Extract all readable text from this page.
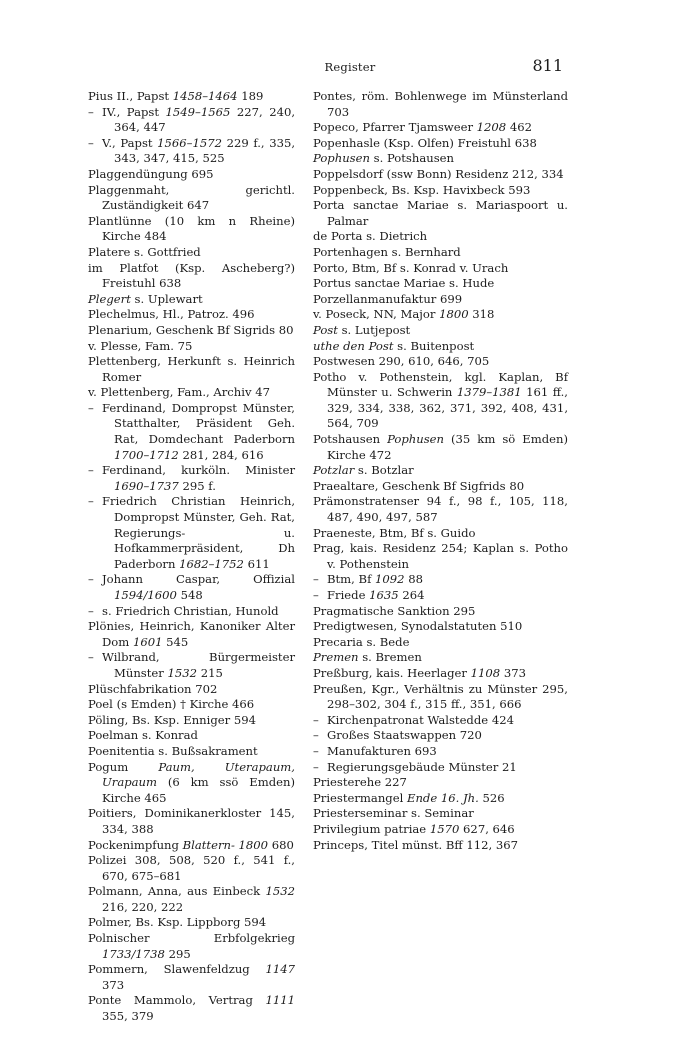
Register	811
Pius II., Papst 1458–1464 189
– IV., Papst 1549–1565 227, 240, 364, 447
– V., Papst 1566–1572 229 f., 335, 343, 347, 415, 525
Plaggendüngung 695
Plaggenmaht, gerichtl. Zuständigkeit 647
Plantlünne (10 km n Rheine) Kirche 484
Platere s. Gottfried
im Platfot (Ksp. Ascheberg?) Freistuhl 638
Plegert s. Uplewart
Plechelmus, Hl., Patroz. 496
Plenarium, Geschenk Bf Sigrids 80
v. Plesse, Fam. 75
Plettenberg, Herkunft s. Heinrich Romer
v. Plettenberg, Fam., Archiv 47
– Ferdinand, Dompropst Münster, Statthalter, Präsident Geh. Rat, Domdechant Paderborn 1700–1712 281, 284, 616
– Ferdinand, kurköln. Minister 1690–1737 295 f.
– Friedrich Christian Heinrich, Dompropst Münster, Geh. Rat, Regierungs- u. Hofkammerpräsident, Dh Paderborn 1682–1752 611
– Johann Caspar, Offizial 1594/1600 548
– s. Friedrich Christian, Hunold
Plönies, Heinrich, Kanoniker Alter Dom 1601 545
– Wilbrand, Bürgermeister Münster 1532 215
Plüschfabrikation 702
Poel (s Emden) † Kirche 466
Pöling, Bs. Ksp. Enniger 594
Poelman s. Konrad
Poenitentia s. Bußsakrament
Pogum Paum, Uterapaum, Urapaum (6 km ssö Emden) Kirche 465
Poitiers, Dominikanerkloster 145, 334, 388
Pockenimpfung Blattern- 1800 680
Polizei 308, 508, 520 f., 541 f., 670, 675–681
Polmann, Anna, aus Einbeck 1532 216, 220, 222
Polmer, Bs. Ksp. Lippborg 594
Polnischer Erbfolgekrieg 1733/1738 295
Pommern, Slawenfeldzug 1147 373
Ponte Mammolo, Vertrag 1111 355, 379
Pontes, röm. Bohlenwege im Münsterland 703
Popeco, Pfarrer Tjamsweer 1208 462
Popenhasle (Ksp. Olfen) Freistuhl 638
Pophusen s. Potshausen
Poppelsdorf (ssw Bonn) Residenz 212, 334
Poppenbeck, Bs. Ksp. Havixbeck 593
Porta sanctae Mariae s. Mariaspoort u. Palmar
de Porta s. Dietrich
Portenhagen s. Bernhard
Porto, Btm, Bf s. Konrad v. Urach
Portus sanctae Mariae s. Hude
Porzellanmanufaktur 699
v. Poseck, NN, Major 1800 318
Post s. Lutjepost
uthe den Post s. Buitenpost
Postwesen 290, 610, 646, 705
Potho v. Pothenstein, kgl. Kaplan, Bf Münster u. Schwerin 1379–1381 161 ff., 329, 334, 338, 362, 371, 392, 408, 431, 564, 709
Potshausen Pophusen (35 km sö Emden) Kirche 472
Potzlar s. Botzlar
Praealtare, Geschenk Bf Sigfrids 80
Prämonstratenser 94 f., 98 f., 105, 118, 487, 490, 497, 587
Praeneste, Btm, Bf s. Guido
Prag, kais. Residenz 254; Kaplan s. Potho v. Pothenstein
– Btm, Bf 1092 88
– Friede 1635 264
Pragmatische Sanktion 295
Predigtwesen, Synodalstatuten 510
Precaria s. Bede
Premen s. Bremen
Preßburg, kais. Heerlager 1108 373
Preußen, Kgr., Verhältnis zu Münster 295, 298–302, 304 f., 315 ff., 351, 666
– Kirchenpatronat Walstedde 424
– Großes Staatswappen 720
– Manufakturen 693
– Regierungsgebäude Münster 21
Priesterehe 227
Priestermangel Ende 16. Jh. 526
Priesterseminar s. Seminar
Privilegium patriae 1570 627, 646
Princeps, Titel münst. Bff 112, 367
